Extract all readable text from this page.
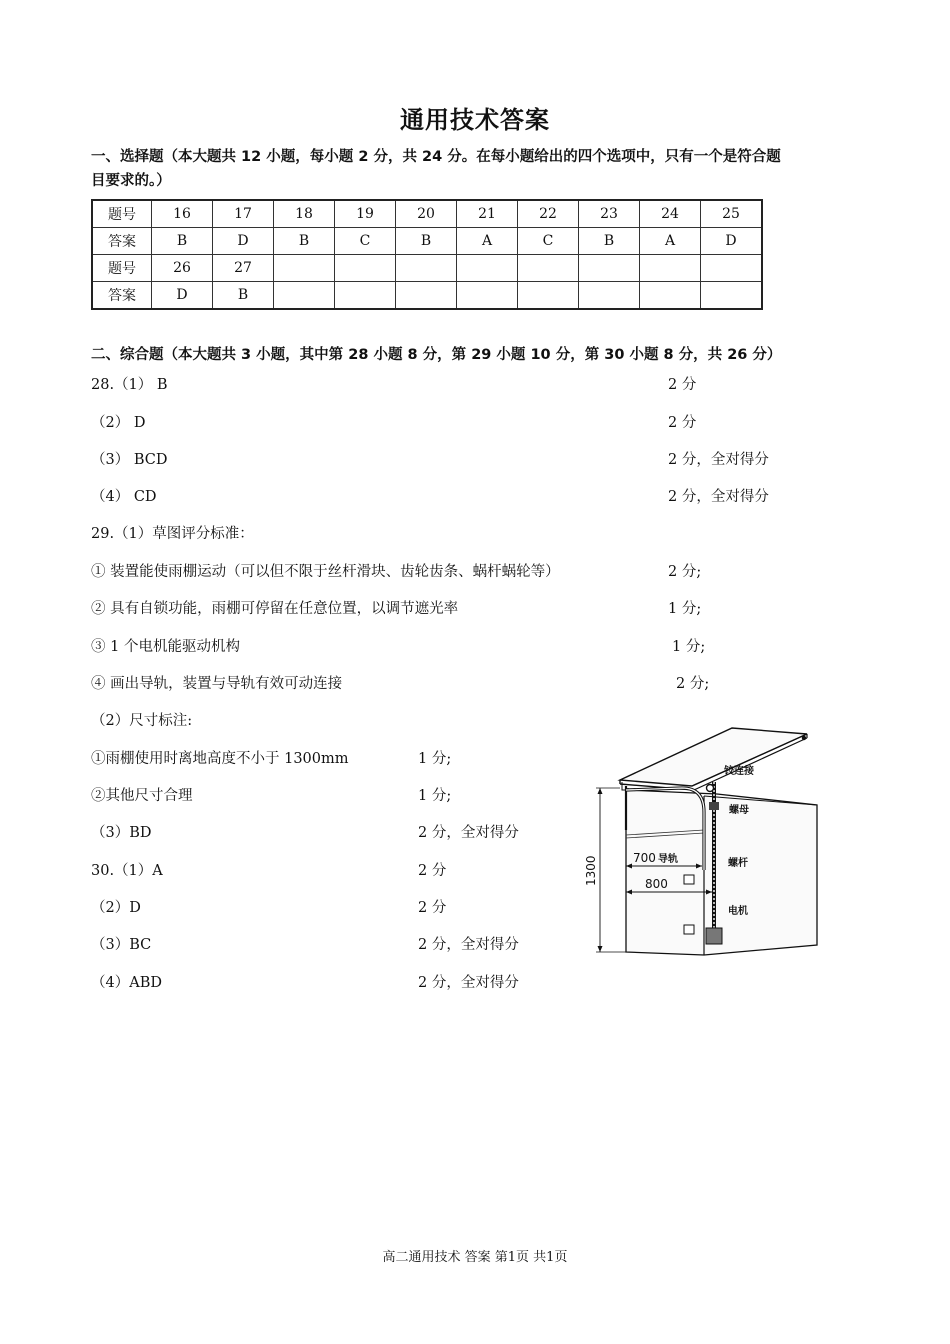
通用技术答案
一、选择题（本大题共 12 小题，每小题 2 分，共 24 分。在每小题给出的四个选项中，只有一个是符合题
目要求的。）
题号	16	17	18	19	20	21	22	23	24	25
答案	B	D	B	C	B	A	C	B	A	D
题号	26	27								
答案	D	B								
二、综合题（本大题共 3 小题，其中第 28 小题 8 分，第 29 小题 10 分，第 30 小题 8 分，共 26 分）
28.（1） B	2 分
（2） D	2 分
（3） BCD	2 分，全对得分
（4） CD	2 分，全对得分
29.（1）草图评分标准：
① 装置能使雨棚运动（可以但不限于丝杆滑块、齿轮齿条、蜗杆蜗轮等）	2 分;
② 具有自锁功能，雨棚可停留在任意位置，以调节遮光率	1 分;
③ 1 个电机能驱动机构	1 分;
④ 画出导轨，装置与导轨有效可动连接	2 分;
（2）尺寸标注:
①雨棚使用时离地高度不小于 1300mm	1 分;
②其他尺寸合理	1 分;
（3）BD	2 分，全对得分
30.（1）A	2 分
（2）D	2 分
（3）BC	2 分，全对得分
（4）ABD	2 分，全对得分
铰连接
螺母
螺杆
导轨
电机
700
800
1300
高二通用技术 答案 第1页 共1页
